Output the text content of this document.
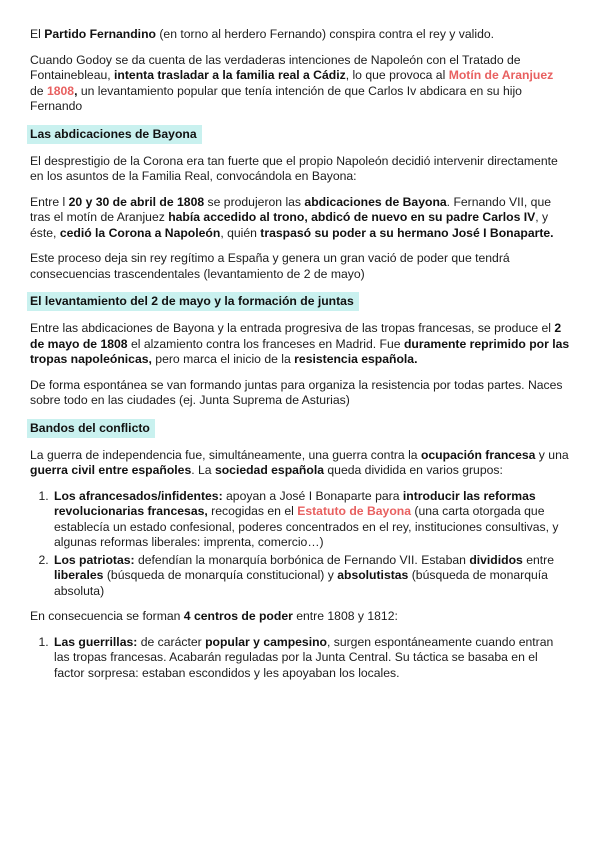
El Partido Fernandino (en torno al herdero Fernando) conspira contra el rey y valido.

Cuando Godoy se da cuenta de las verdaderas intenciones de Napoleón con el Tratado de Fontainebleau, intenta trasladar a la familia real a Cádiz, lo que provoca al Motín de Aranjuez de 1808, un levantamiento popular que tenía intención de que Carlos Iv abdicara en su hijo Fernando

Las abdicaciones de Bayona

El desprestigio de la Corona era tan fuerte que el propio Napoleón decidió intervenir directamente en los asuntos de la Familia Real, convocándola en Bayona:

Entre l 20 y 30 de abril de 1808 se produjeron las abdicaciones de Bayona. Fernando VII, que tras el motín de Aranjuez había accedido al trono, abdicó de nuevo en su padre Carlos IV, y éste, cedió la Corona a Napoleón, quién traspasó su poder a su hermano José I Bonaparte.

Este proceso deja sin rey regítimo a España y genera un gran vació de poder que tendrá consecuencias trascendentales (levantamiento de 2 de mayo)

El levantamiento del 2 de mayo y la formación de juntas

Entre las abdicaciones de Bayona y la entrada progresiva de las tropas francesas, se produce el 2 de mayo de 1808 el alzamiento contra los franceses en Madrid. Fue duramente reprimido por las tropas napoleónicas, pero marca el inicio de la resistencia española.

De forma espontánea se van formando juntas para organiza la resistencia por todas partes. Naces sobre todo en las ciudades (ej. Junta Suprema de Asturias)

Bandos del conflicto

La guerra de independencia fue, simultáneamente, una guerra contra la ocupación francesa y una guerra civil entre españoles. La sociedad española queda dividida en varios grupos:

1. Los afrancesados/infidentes: apoyan a José I Bonaparte para introducir las reformas revolucionarias francesas, recogidas en el Estatuto de Bayona (una carta otorgada que establecía un estado confesional, poderes concentrados en el rey, instituciones consultivas, y algunas reformas liberales: imprenta, comercio…)
2. Los patriotas: defendían la monarquía borbónica de Fernando VII. Estaban divididos entre liberales (búsqueda de monarquía constitucional) y absolutistas (búsqueda de monarquía absoluta)

En consecuencia se forman 4 centros de poder entre 1808 y 1812:

1. Las guerrillas: de carácter popular y campesino, surgen espontáneamente cuando entran las tropas francesas. Acabarán reguladas por la Junta Central. Su táctica se basaba en el factor sorpresa: estaban escondidos y les apoyaban los locales.
